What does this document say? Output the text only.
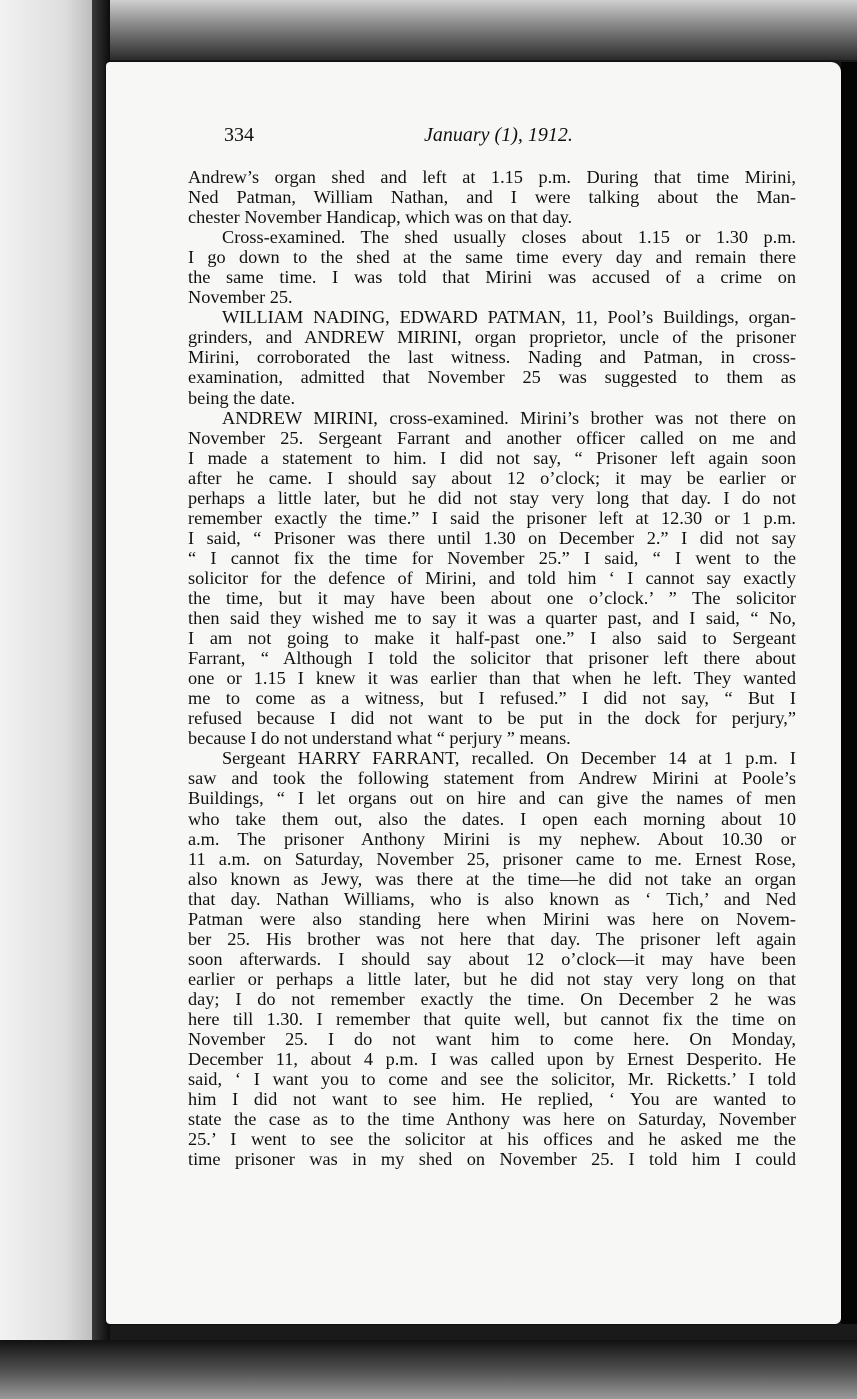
334	January (1), 1912.
Andrew’s organ shed and left at 1.15 p.m. During that time Mirini,
Ned Patman, William Nathan, and I were talking about the Man-
chester November Handicap, which was on that day.
Cross-examined. The shed usually closes about 1.15 or 1.30 p.m.
I go down to the shed at the same time every day and remain there
the same time. I was told that Mirini was accused of a crime on
November 25.
WILLIAM NADING, EDWARD PATMAN, 11, Pool’s Buildings, organ-
grinders, and ANDREW MIRINI, organ proprietor, uncle of the prisoner
Mirini, corroborated the last witness. Nading and Patman, in cross-
examination, admitted that November 25 was suggested to them as
being the date.
ANDREW MIRINI, cross-examined. Mirini’s brother was not there on
November 25. Sergeant Farrant and another officer called on me and
I made a statement to him. I did not say, “ Prisoner left again soon
after he came. I should say about 12 o’clock; it may be earlier or
perhaps a little later, but he did not stay very long that day. I do not
remember exactly the time.” I said the prisoner left at 12.30 or 1 p.m.
I said, “ Prisoner was there until 1.30 on December 2.” I did not say
“ I cannot fix the time for November 25.” I said, “ I went to the
solicitor for the defence of Mirini, and told him ‘ I cannot say exactly
the time, but it may have been about one o’clock.’ ” The solicitor
then said they wished me to say it was a quarter past, and I said, “ No,
I am not going to make it half-past one.” I also said to Sergeant
Farrant, “ Although I told the solicitor that prisoner left there about
one or 1.15 I knew it was earlier than that when he left. They wanted
me to come as a witness, but I refused.” I did not say, “ But I
refused because I did not want to be put in the dock for perjury,”
because I do not understand what “ perjury ” means.
Sergeant HARRY FARRANT, recalled. On December 14 at 1 p.m. I
saw and took the following statement from Andrew Mirini at Poole’s
Buildings, “ I let organs out on hire and can give the names of men
who take them out, also the dates. I open each morning about 10
a.m. The prisoner Anthony Mirini is my nephew. About 10.30 or
11 a.m. on Saturday, November 25, prisoner came to me. Ernest Rose,
also known as Jewy, was there at the time—he did not take an organ
that day. Nathan Williams, who is also known as ‘ Tich,’ and Ned
Patman were also standing here when Mirini was here on Novem-
ber 25. His brother was not here that day. The prisoner left again
soon afterwards. I should say about 12 o’clock—it may have been
earlier or perhaps a little later, but he did not stay very long on that
day; I do not remember exactly the time. On December 2 he was
here till 1.30. I remember that quite well, but cannot fix the time on
November 25. I do not want him to come here. On Monday,
December 11, about 4 p.m. I was called upon by Ernest Desperito. He
said, ‘ I want you to come and see the solicitor, Mr. Ricketts.’ I told
him I did not want to see him. He replied, ‘ You are wanted to
state the case as to the time Anthony was here on Saturday, November
25.’ I went to see the solicitor at his offices and he asked me the
time prisoner was in my shed on November 25. I told him I could
